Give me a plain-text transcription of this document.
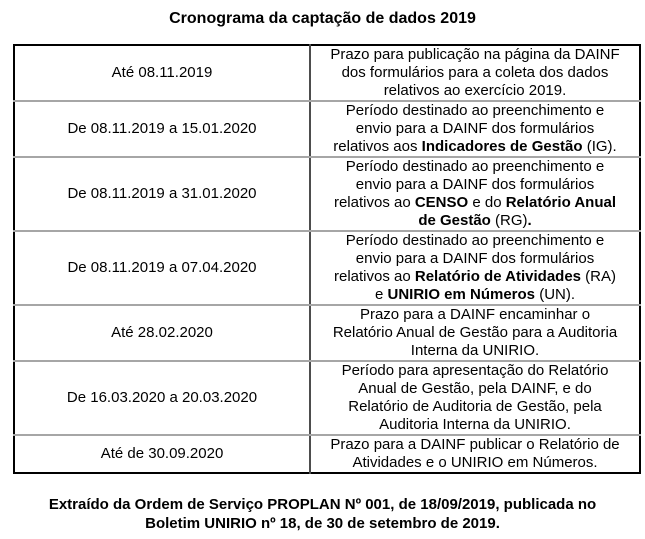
Cronograma da captação de dados 2019
Até 08.11.2019	Prazo para publicação na página da DAINF
dos formulários para a coleta dos dados
relativos ao exercício 2019.

De 08.11.2019 a 15.01.2020	Período destinado ao preenchimento e
envio para a DAINF dos formulários
relativos aos Indicadores de Gestão (IG).

De 08.11.2019 a 31.01.2020	Período destinado ao preenchimento e
envio para a DAINF dos formulários
relativos ao CENSO e do Relatório Anual
de Gestão (RG).

De 08.11.2019 a 07.04.2020	Período destinado ao preenchimento e
envio para a DAINF dos formulários
relativos ao Relatório de Atividades (RA)
e UNIRIO em Números (UN).

Até 28.02.2020	Prazo para a DAINF encaminhar o
Relatório Anual de Gestão para a Auditoria
Interna da UNIRIO.

De 16.03.2020 a 20.03.2020	Período para apresentação do Relatório
Anual de Gestão, pela DAINF, e do
Relatório de Auditoria de Gestão, pela
Auditoria Interna da UNIRIO.

Até de 30.09.2020	Prazo para a DAINF publicar o Relatório de
Atividades e o UNIRIO em Números.
Extraído da Ordem de Serviço PROPLAN Nº 001, de 18/09/2019, publicada no
Boletim UNIRIO nº 18, de 30 de setembro de 2019.
